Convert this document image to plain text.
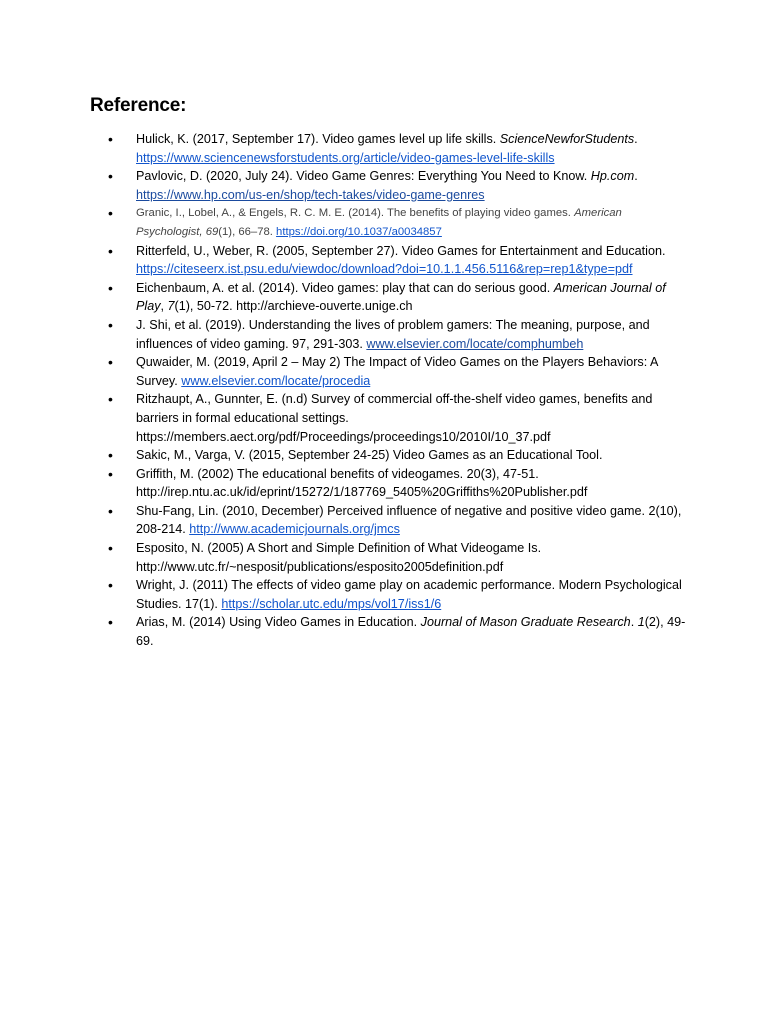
Reference:
• Hulick, K. (2017, September 17). Video games level up life skills. ScienceNewforStudents. https://www.sciencenewsforstudents.org/article/video-games-level-life-skills
• Pavlovic, D. (2020, July 24). Video Game Genres: Everything You Need to Know. Hp.com. https://www.hp.com/us-en/shop/tech-takes/video-game-genres
• Granic, I., Lobel, A., & Engels, R. C. M. E. (2014). The benefits of playing video games. American Psychologist, 69(1), 66–78. https://doi.org/10.1037/a0034857
• Ritterfeld, U., Weber, R. (2005, September 27). Video Games for Entertainment and Education. https://citeseerx.ist.psu.edu/viewdoc/download?doi=10.1.1.456.5116&rep=rep1&type=pdf
• Eichenbaum, A. et al. (2014). Video games: play that can do serious good. American Journal of Play, 7(1), 50-72. http://archieve-ouverte.unige.ch
• J. Shi, et al. (2019). Understanding the lives of problem gamers: The meaning, purpose, and influences of video gaming. 97, 291-303. www.elsevier.com/locate/comphumbeh
• Quwaider, M. (2019, April 2 – May 2) The Impact of Video Games on the Players Behaviors: A Survey. www.elsevier.com/locate/procedia
• Ritzhaupt, A., Gunnter, E. (n.d) Survey of commercial off-the-shelf video games, benefits and barriers in formal educational settings. https://members.aect.org/pdf/Proceedings/proceedings10/2010I/10_37.pdf
• Sakic, M., Varga, V. (2015, September 24-25) Video Games as an Educational Tool.
• Griffith, M. (2002) The educational benefits of videogames. 20(3), 47-51. http://irep.ntu.ac.uk/id/eprint/15272/1/187769_5405%20Griffiths%20Publisher.pdf
• Shu-Fang, Lin. (2010, December) Perceived influence of negative and positive video game. 2(10), 208-214. http://www.academicjournals.org/jmcs
• Esposito, N. (2005) A Short and Simple Definition of What Videogame Is. http://www.utc.fr/~nesposit/publications/esposito2005definition.pdf
• Wright, J. (2011) The effects of video game play on academic performance. Modern Psychological Studies. 17(1). https://scholar.utc.edu/mps/vol17/iss1/6
• Arias, M. (2014) Using Video Games in Education. Journal of Mason Graduate Research. 1(2), 49-69.
